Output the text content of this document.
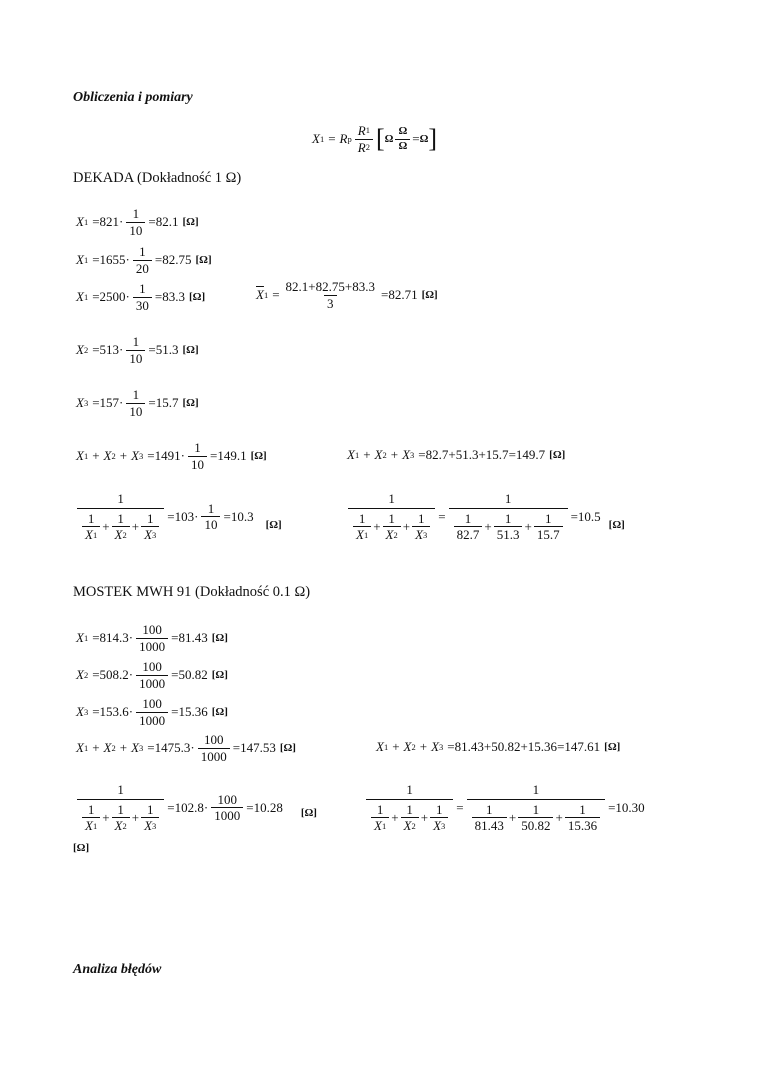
Obliczenia i pomiary
X 1 = R p $\frac{R 1}{R 2}$ [ Ω $\frac{\Omega}{\Omega} = \Omega$ ]
DEKADA (Dokładność 1 Ω)
X $1 = 821 \cdot \frac{1}{10} = 82.1$ [Ω]
X $1 = 1655 \cdot \frac{1}{20} = 82.75$ [Ω]
X $1 = 2500 \cdot \frac{1}{30} = 83.3$ [Ω]	$\overline{X}$ $1 = \frac{82.1+82.75+83.3}{3} = 82.71$ [Ω]
X $2 = 513 \cdot \frac{1}{10} = 51.3$ [Ω]
X $3 = 157 \cdot \frac{1}{10} = 15.7$ [Ω]
X 1 + X 2 + X $3 = 1491 \cdot \frac{1}{10} = 149.1$ [Ω]	X 1 + X 2 + X 3 = 82.7+51.3+15.7 = 149.7 [Ω]
$\frac{1}{\frac{1}{X 1} + \frac{1}{X 2} + \frac{1}{X 3}} = 103 \cdot \frac{1}{10} = 10.3$
[Ω]	$\frac{1}{\frac{1}{X 1} + \frac{1}{X 2} + \frac{1}{X 3}} = \frac{1}{\frac{1}{82.7} + \frac{1}{51.3} + \frac{1}{15.7}} = 10.5$
[Ω]
MOSTEK MWH 91 (Dokładność 0.1 Ω)
X $1 = 814.3 \cdot \frac{100}{1000} = 81.43$ [Ω]
X $2 = 508.2 \cdot \frac{100}{1000} = 50.82$ [Ω]
X $3 = 153.6 \cdot \frac{100}{1000} = 15.36$ [Ω]
X 1 + X 2 + X $3 = 1475.3 \cdot \frac{100}{1000} = 147.53$ [Ω]	X 1 + X 2 + X 3 = 81.43+50.82+15.36 = 147.61 [Ω]
$\frac{1}{\frac{1}{X 1} + \frac{1}{X 2} + \frac{1}{X 3}} = 102.8 \cdot \frac{100}{1000} = 10.28$ [Ω]	$\frac{1}{\frac{1}{X 1} + \frac{1}{X 2} + \frac{1}{X 3}} = \frac{1}{\frac{1}{81.43} + \frac{1}{50.82} + \frac{1}{15.36}} = 10.30$
[Ω]
Analiza błędów
